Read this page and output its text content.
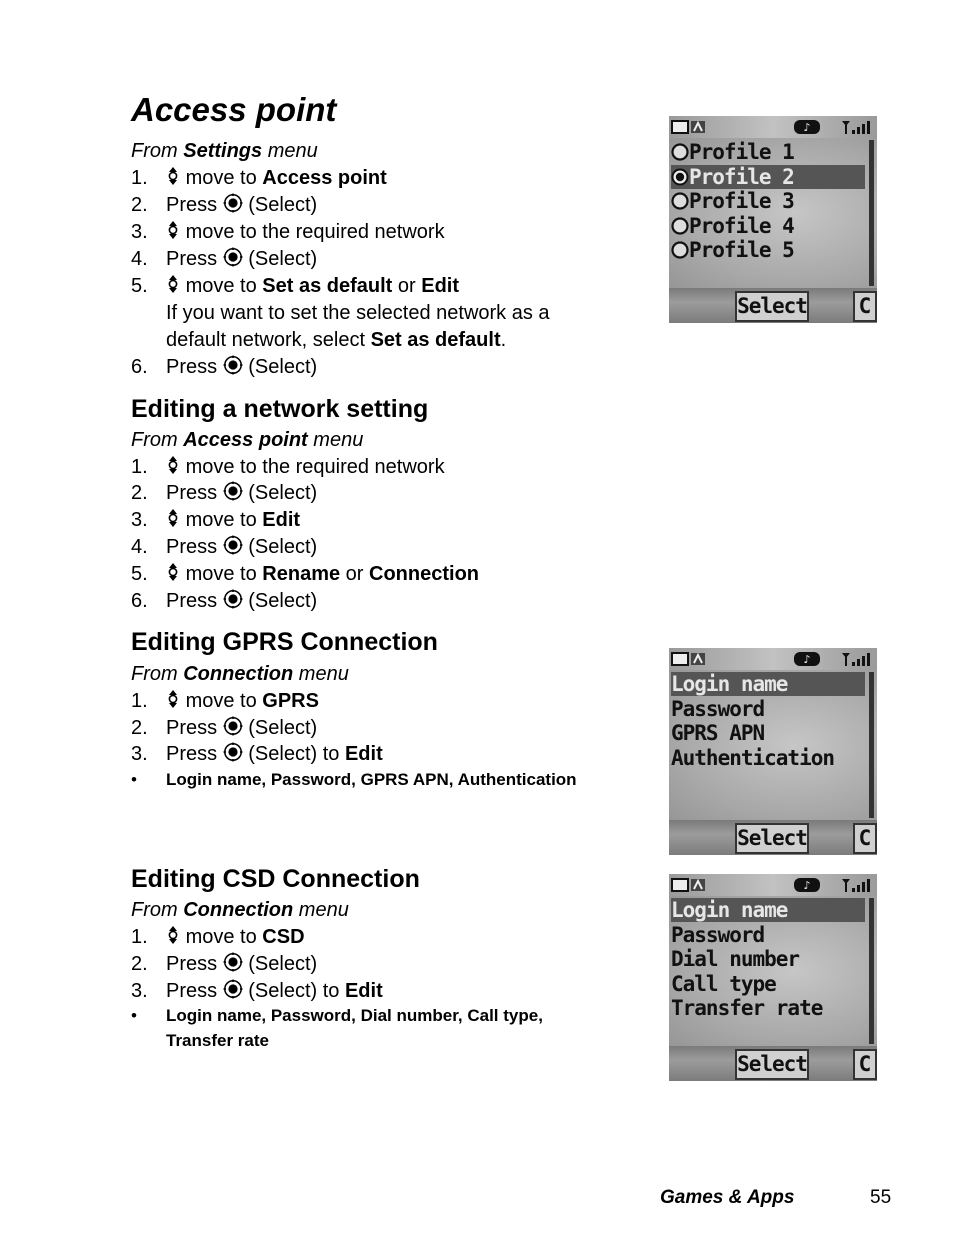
Access point
From Settings menu
1. move to Access point
2. Press (Select)
3. move to the required network
4. Press (Select)
5. move to Set as default or Edit
If you want to set the selected network as a
default network, select Set as default.
6. Press (Select)
Editing a network setting
From Access point menu
1. move to the required network
2. Press (Select)
3. move to Edit
4. Press (Select)
5. move to Rename or Connection
6. Press (Select)
Editing GPRS Connection
From Connection menu
1. move to GPRS
2. Press (Select)
3. Press (Select) to Edit
• Login name, Password, GPRS APN, Authentication
Editing CSD Connection
From Connection menu
1. move to CSD
2. Press (Select)
3. Press (Select) to Edit
• Login name, Password, Dial number, Call type,
Transfer rate
♪
Profile 1
Profile 2
Profile 3
Profile 4
Profile 5
Select C
♪
Login name
Password
GPRS APN
Authentication
Select C
♪
Login name
Password
Dial number
Call type
Transfer rate
Select C
Games & Apps	55
